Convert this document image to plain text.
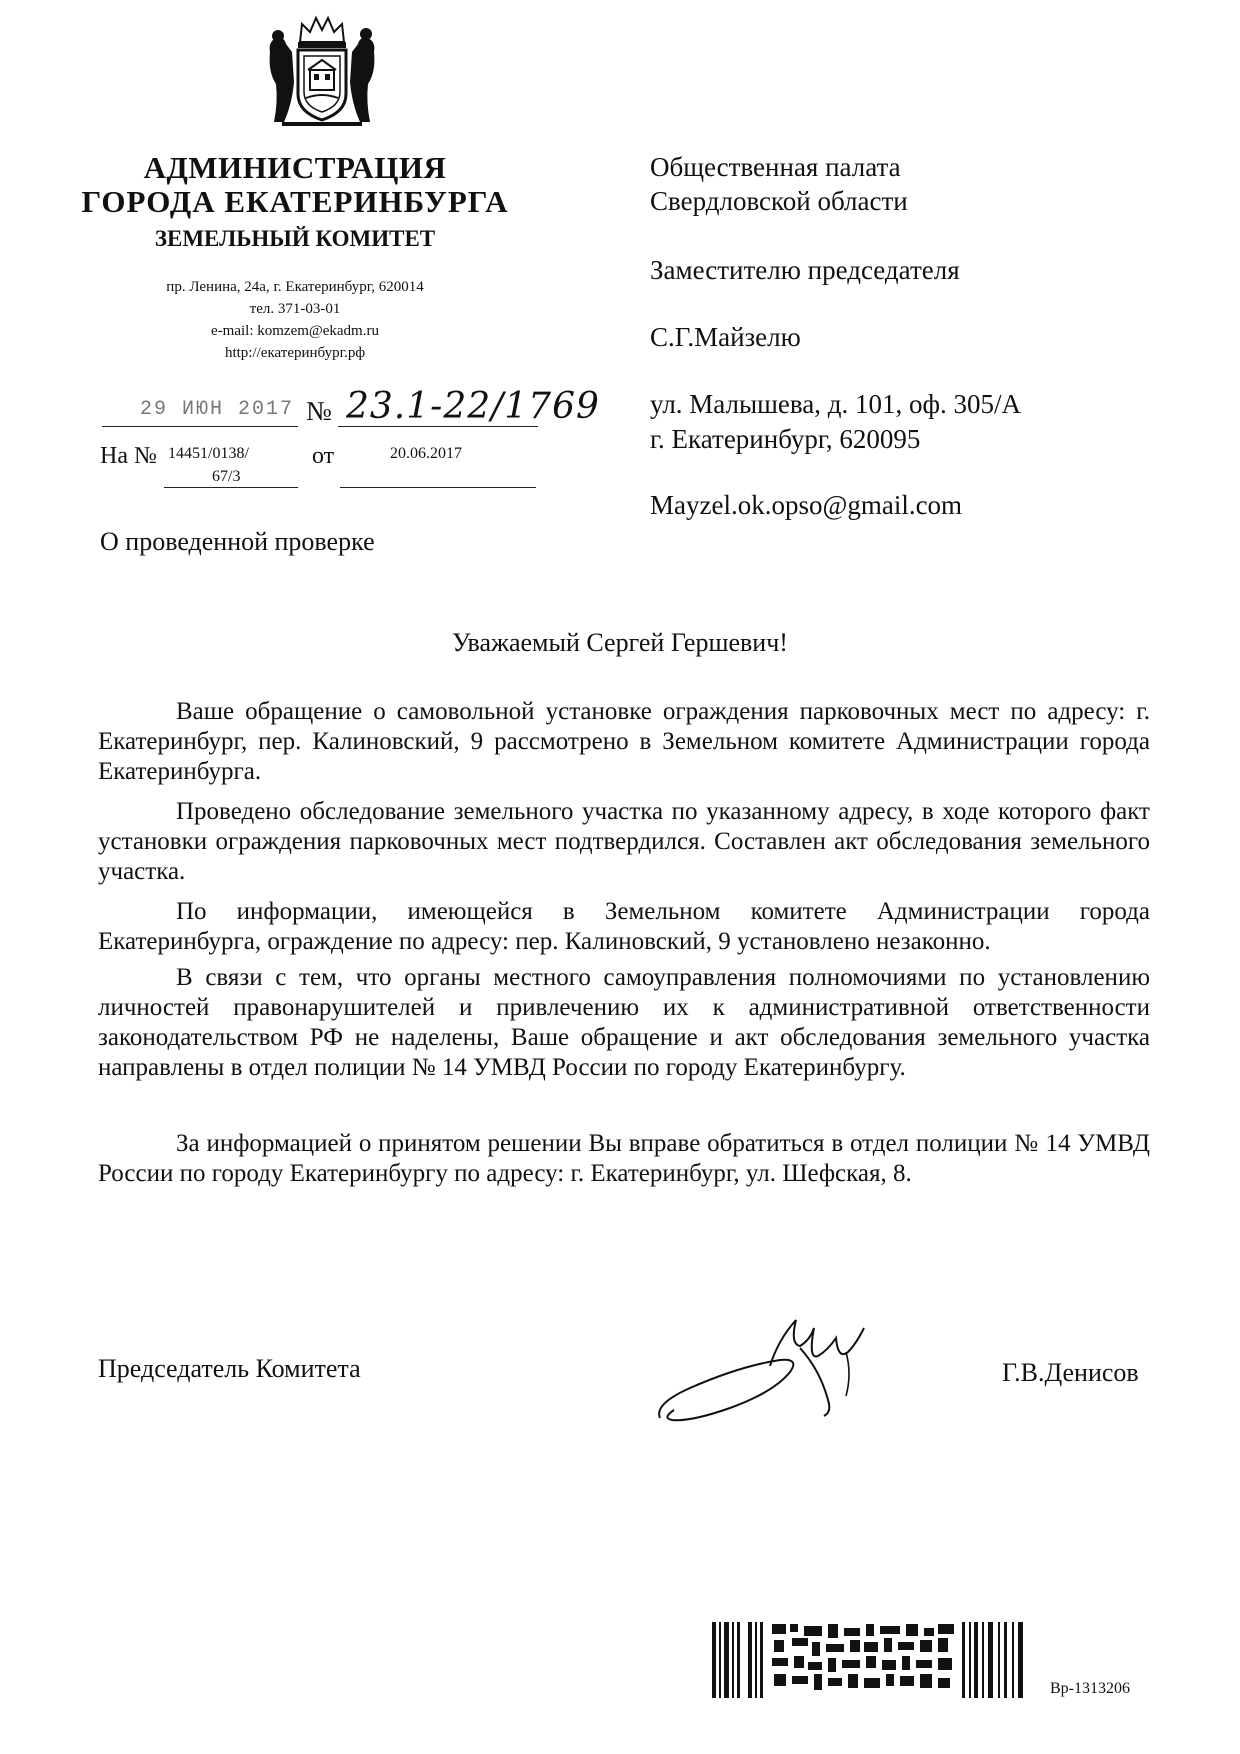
АДМИНИСТРАЦИЯ
ГОРОДА ЕКАТЕРИНБУРГА
ЗЕМЕЛЬНЫЙ КОМИТЕТ
пр. Ленина, 24а, г. Екатеринбург, 620014
тел. 371-03-01
e-mail: komzem@ekadm.ru
http://екатеринбург.рф
29 ИЮН 2017 № 23.1-22/1769
На № 14451/0138/
67/3
от	20.06.2017
О проведенной проверке
Общественная палата
Свердловской области
Заместителю председателя
С.Г.Майзелю
ул. Малышева, д. 101, оф. 305/А
г. Екатеринбург, 620095
Mayzel.ok.opso@gmail.com
Уважаемый Сергей Гершевич!
Ваше обращение о самовольной установке ограждения парковочных мест по адресу: г. Екатеринбург, пер. Калиновский, 9 рассмотрено в Земельном комитете Администрации города Екатеринбурга.
Проведено обследование земельного участка по указанному адресу, в ходе которого факт установки ограждения парковочных мест подтвердился. Составлен акт обследования земельного участка.
По информации, имеющейся в Земельном комитете Администрации города Екатеринбурга, ограждение по адресу: пер. Калиновский, 9 установлено незаконно.
В связи с тем, что органы местного самоуправления полномочиями по установлению личностей правонарушителей и привлечению их к административной ответственности законодательством РФ не наделены, Ваше обращение и акт обследования земельного участка направлены в отдел полиции № 14 УМВД России по городу Екатеринбургу.
За информацией о принятом решении Вы вправе обратиться в отдел полиции № 14 УМВД России по городу Екатеринбургу по адресу: г. Екатеринбург, ул. Шефская, 8.
Председатель Комитета	Г.В.Денисов
Вр-1313206
